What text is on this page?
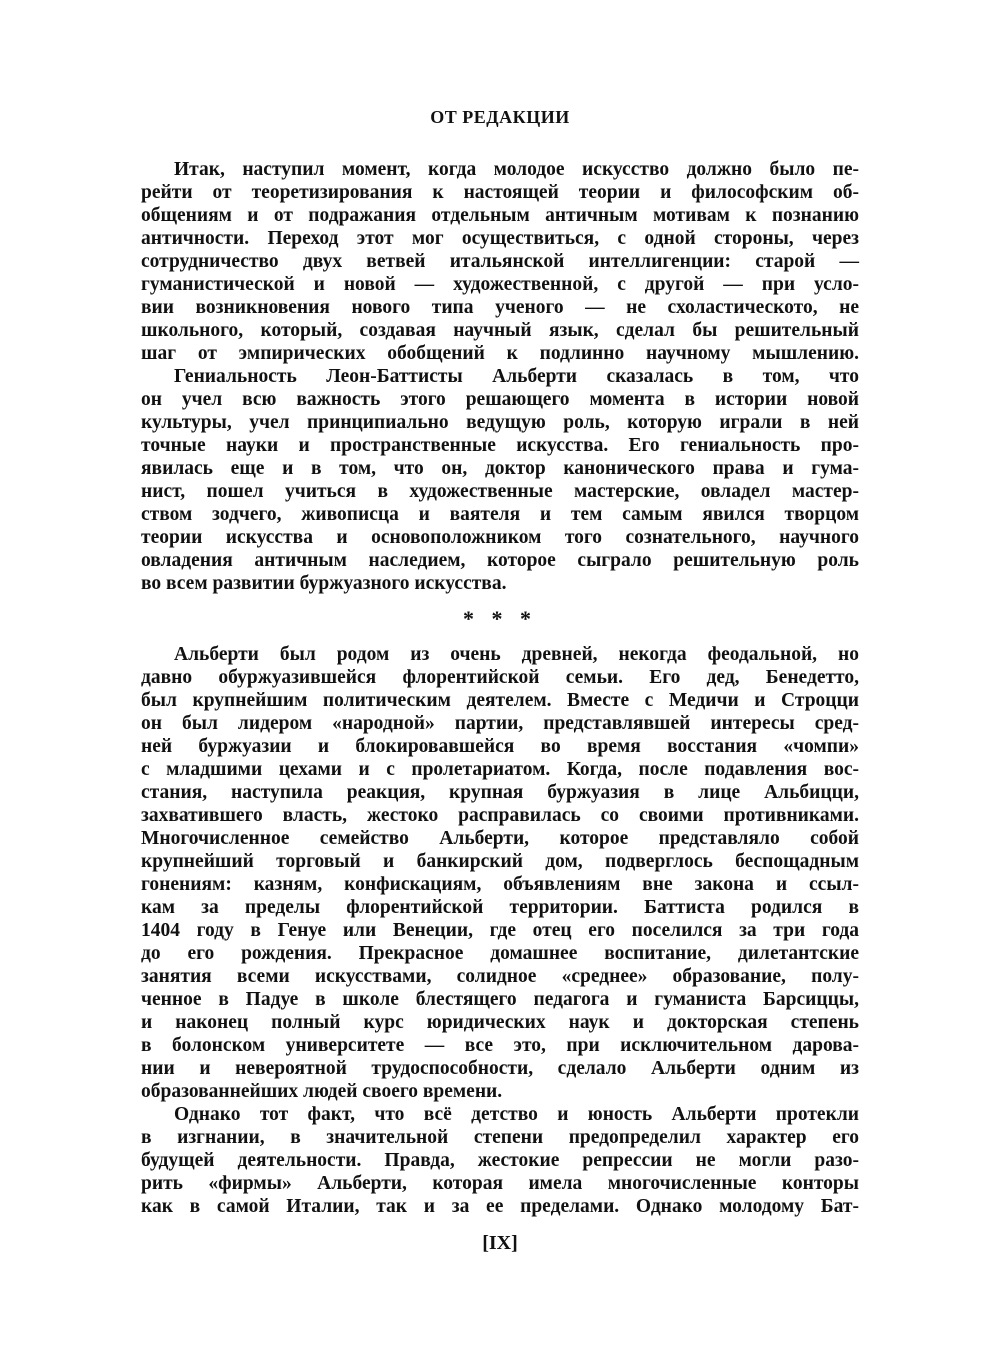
ОТ РЕДАКЦИИ
Итак, наступил момент, когда молодое искусство должно было пе-
рейти от теоретизирования к настоящей теории и философским об-
общениям и от подражания отдельным античным мотивам к познанию
античности. Переход этот мог осуществиться, с одной стороны, через
сотрудничество двух ветвей итальянской интеллигенции: старой —
гуманистической и новой — художественной, с другой — при усло-
вии возникновения нового типа ученого — не схоластическото, не
школьного, который, создавая научный язык, сделал бы решительный
шаг от эмпирических обобщений к подлинно научному мышлению.
Гениальность Леон-Баттисты Альберти сказалась в том, что
он учел всю важность этого решающего момента в истории новой
культуры, учел принципиально ведущую роль, которую играли в ней
точные науки и пространственные искусства. Его гениальность про-
явилась еще и в том, что он, доктор канонического права и гума-
нист, пошел учиться в художественные мастерские, овладел мастер-
ством зодчего, живописца и ваятеля и тем самым явился творцом
теории искусства и основоположником того сознательного, научного
овладения античным наследием, которое сыграло решительную роль
во всем развитии буржуазного искусства.

* * *

Альберти был родом из очень древней, некогда феодальной, но
давно обуржуазившейся флорентийской семьи. Его дед, Бенедетто,
был крупнейшим политическим деятелем. Вместе с Медичи и Строцци
он был лидером «народной» партии, представлявшей интересы сред-
ней буржуазии и блокировавшейся во время восстания «чомпи»
с младшими цехами и с пролетариатом. Когда, после подавления вос-
стания, наступила реакция, крупная буржуазия в лице Альбицци,
захватившего власть, жестоко расправилась со своими противниками.
Многочисленное семейство Альберти, которое представляло собой
крупнейший торговый и банкирский дом, подверглось беспощадным
гонениям: казням, конфискациям, объявлениям вне закона и ссыл-
кам за пределы флорентийской территории. Баттиста родился в
1404 году в Генуе или Венеции, где отец его поселился за три года
до его рождения. Прекрасное домашнее воспитание, дилетантские
занятия всеми искусствами, солидное «среднее» образование, полу-
ченное в Падуе в школе блестящего педагога и гуманиста Барсиццы,
и наконец полный курс юридических наук и докторская степень
в болонском университете — все это, при исключительном дарова-
нии и невероятной трудоспособности, сделало Альберти одним из
образованнейших людей своего времени.
Однако тот факт, что всё детство и юность Альберти протекли
в изгнании, в значительной степени предопределил характер его
будущей деятельности. Правда, жестокие репрессии не могли разо-
рить «фирмы» Альберти, которая имела многочисленные конторы
как в самой Италии, так и за ее пределами. Однако молодому Бат-

[IX]
